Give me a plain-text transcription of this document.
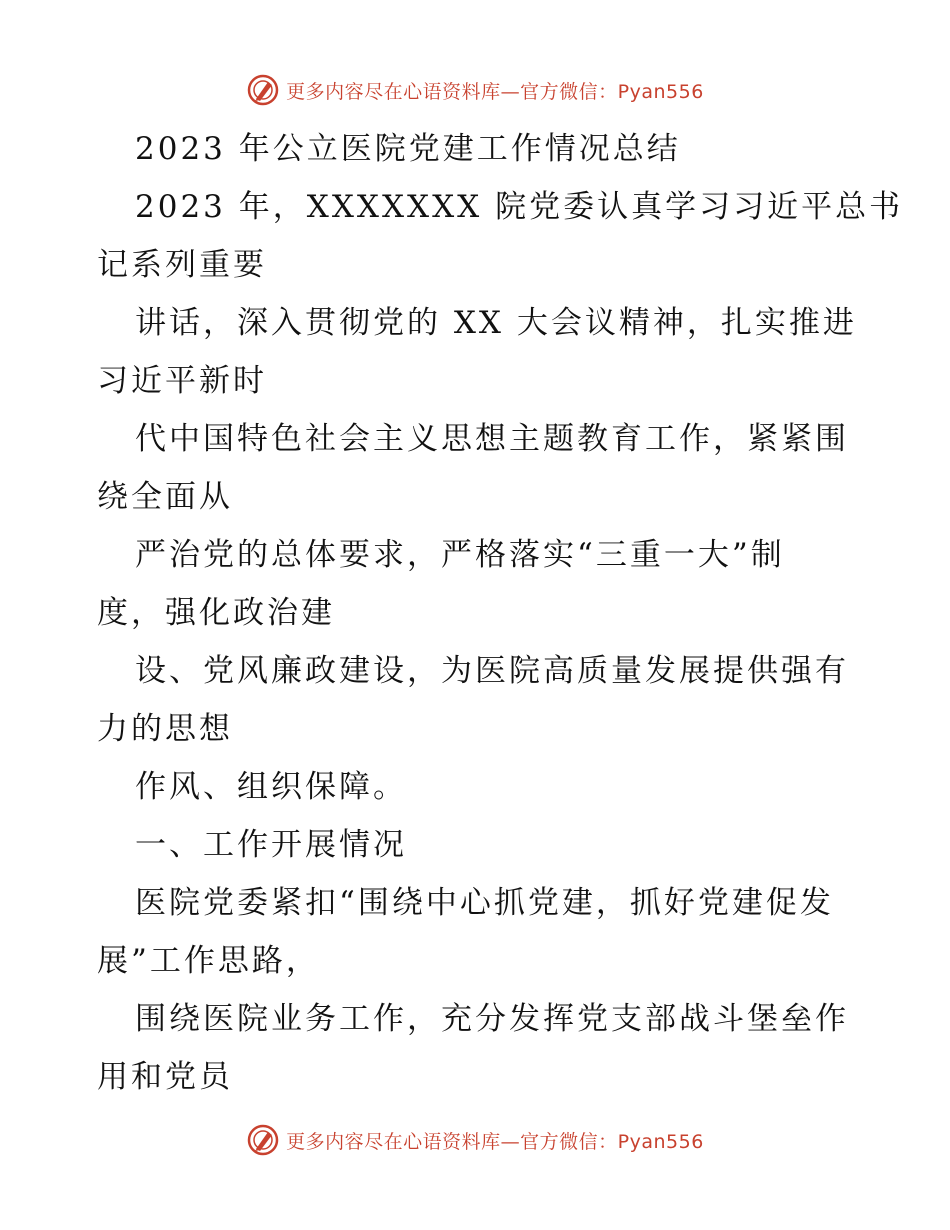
更多内容尽在心语资料库—官方微信：Pyan556
2023 年公立医院党建工作情况总结
2023 年，XXXXXXX 院党委认真学习习近平总书
记系列重要
讲话，深入贯彻党的 XX 大会议精神，扎实推进
习近平新时
代中国特色社会主义思想主题教育工作，紧紧围
绕全面从
严治党的总体要求，严格落实“三重一大”制
度，强化政治建
设、党风廉政建设，为医院高质量发展提供强有
力的思想
作风、组织保障。
一、工作开展情况
医院党委紧扣“围绕中心抓党建，抓好党建促发
展”工作思路，
围绕医院业务工作，充分发挥党支部战斗堡垒作
用和党员
更多内容尽在心语资料库—官方微信：Pyan556
